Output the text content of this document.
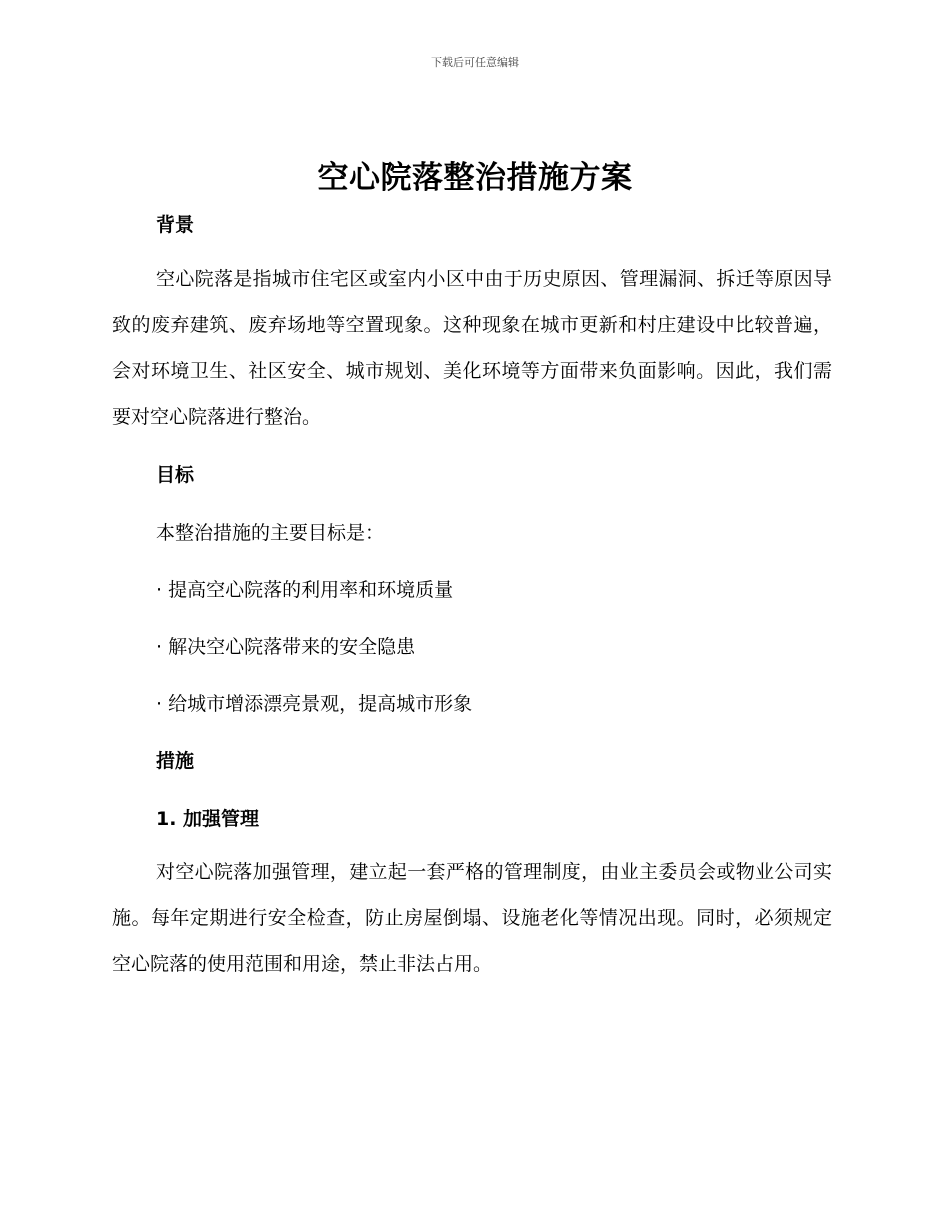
下载后可任意编辑
空心院落整治措施方案
背景

空心院落是指城市住宅区或室内小区中由于历史原因、管理漏洞、拆迁等原因导致的废弃建筑、废弃场地等空置现象。这种现象在城市更新和村庄建设中比较普遍，会对环境卫生、社区安全、城市规划、美化环境等方面带来负面影响。因此，我们需要对空心院落进行整治。

目标
本整治措施的主要目标是：
· 提高空心院落的利用率和环境质量
· 解决空心院落带来的安全隐患
· 给城市增添漂亮景观，提高城市形象
措施
1. 加强管理

对空心院落加强管理，建立起一套严格的管理制度，由业主委员会或物业公司实施。每年定期进行安全检查，防止房屋倒塌、设施老化等情况出现。同时，必须规定空心院落的使用范围和用途，禁止非法占用。
